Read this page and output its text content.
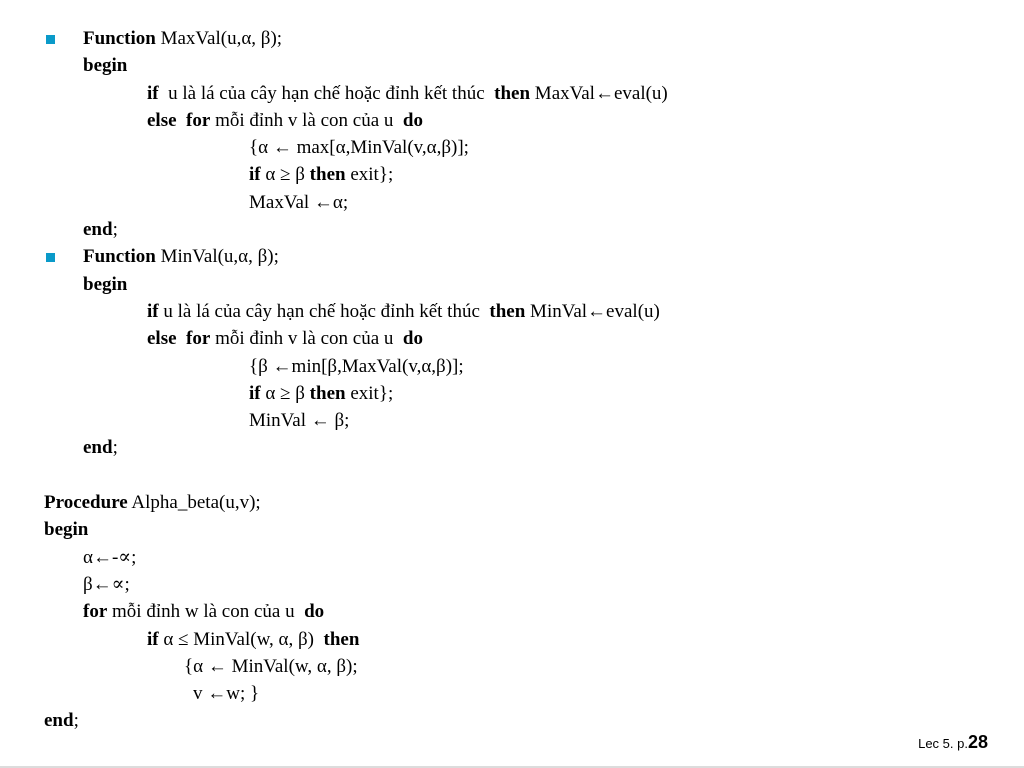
Function MaxVal(u,α, β);
begin
if  u là lá của cây hạn chế hoặc đỉnh kết thúc  then MaxVal←eval(u)
else for mỗi đỉnh v là con của u  do
{α ← max[α,MinVal(v,α,β)];
if α ≥ β then exit};
MaxVal ←α;
end;
Function MinVal(u,α, β);
begin
if u là lá của cây hạn chế hoặc đỉnh kết thúc  then MinVal←eval(u)
else for mỗi đỉnh v là con của u  do
{β ←min[β,MaxVal(v,α,β)];
if α ≥ β then exit};
MinVal ← β;
end;
Procedure Alpha_beta(u,v);
begin
α←-∝;
β←∝;
for mỗi đỉnh w là con của u  do
if α ≤ MinVal(w, α, β)  then
{α ← MinVal(w, α, β);
v ←w; }
end;
Lec 5. p.28
